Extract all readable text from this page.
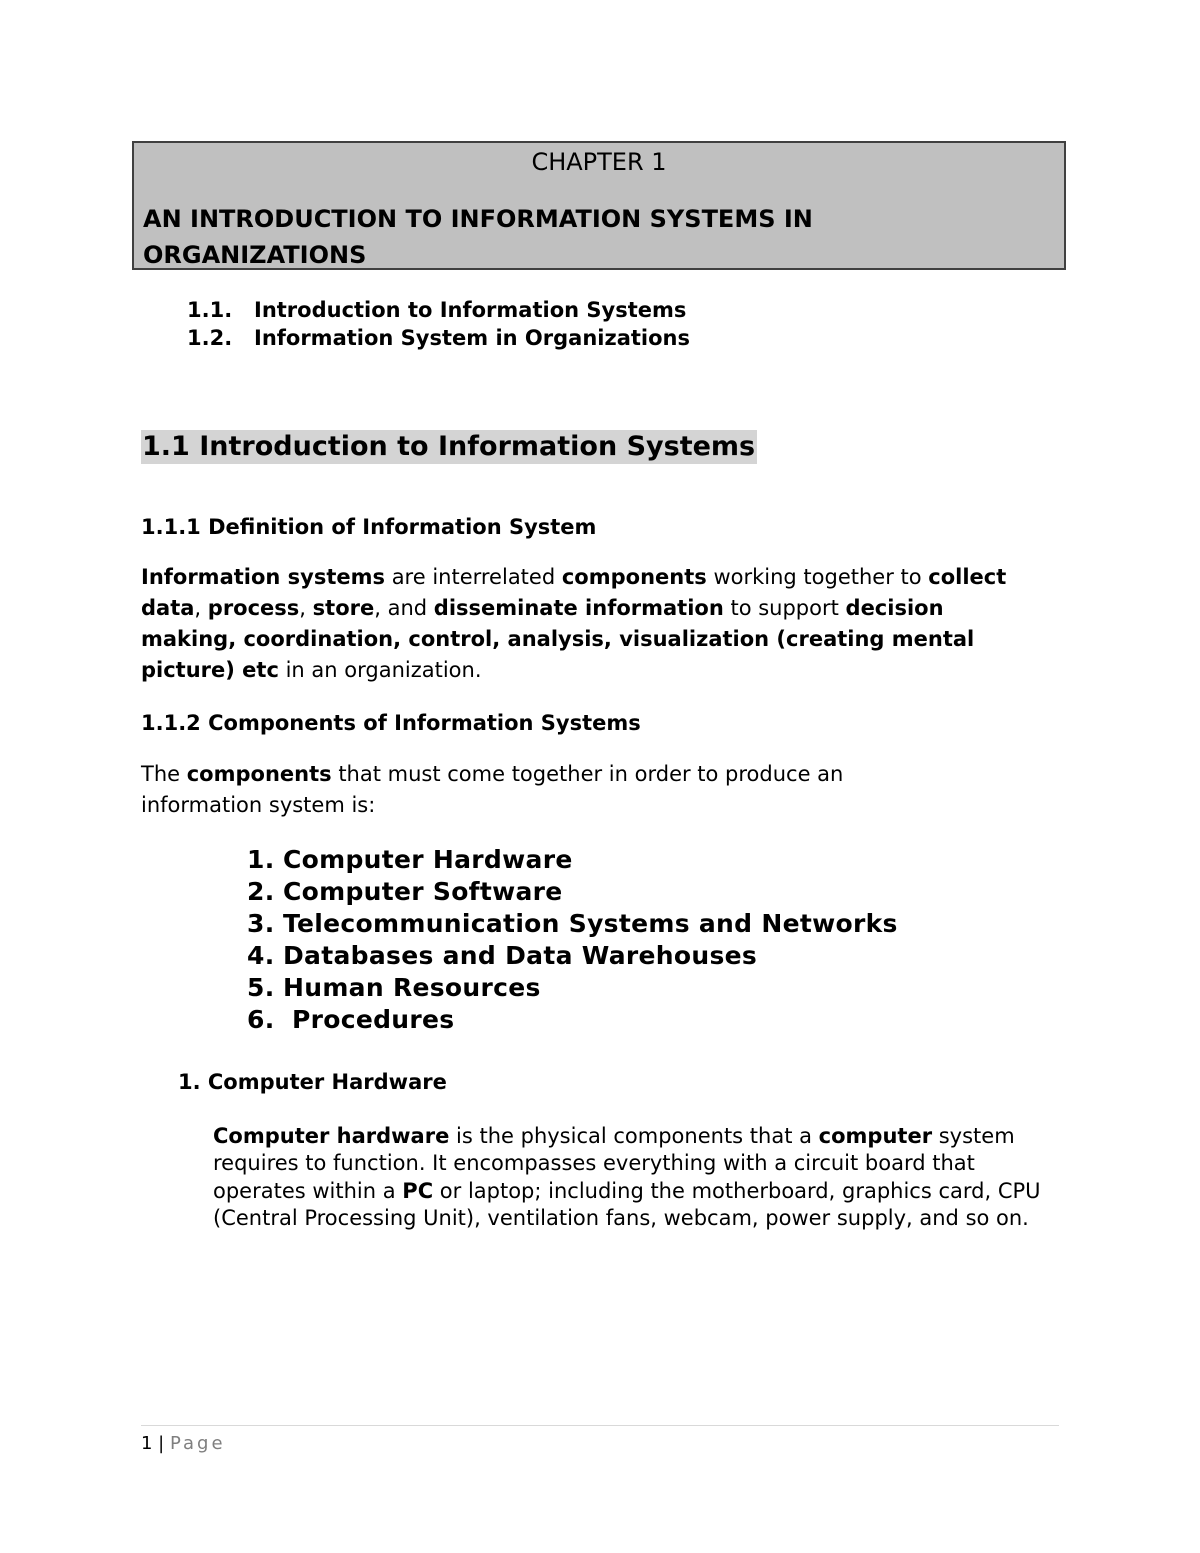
CHAPTER 1
AN INTRODUCTION TO INFORMATION SYSTEMS IN ORGANIZATIONS
1.1. Introduction to Information Systems
1.2. Information System in Organizations
1.1 Introduction to Information Systems
1.1.1 Definition of Information System
Information systems are interrelated components working together to collect data, process, store, and disseminate information to support decision making, coordination, control, analysis, visualization (creating mental picture) etc in an organization.
1.1.2 Components of Information Systems
The components that must come together in order to produce an information system is:
1. Computer Hardware
2. Computer Software
3. Telecommunication Systems and Networks
4. Databases and Data Warehouses
5. Human Resources
6. Procedures
1. Computer Hardware
Computer hardware is the physical components that a computer system requires to function. It encompasses everything with a circuit board that operates within a PC or laptop; including the motherboard, graphics card, CPU (Central Processing Unit), ventilation fans, webcam, power supply, and so on.
1 | Page
